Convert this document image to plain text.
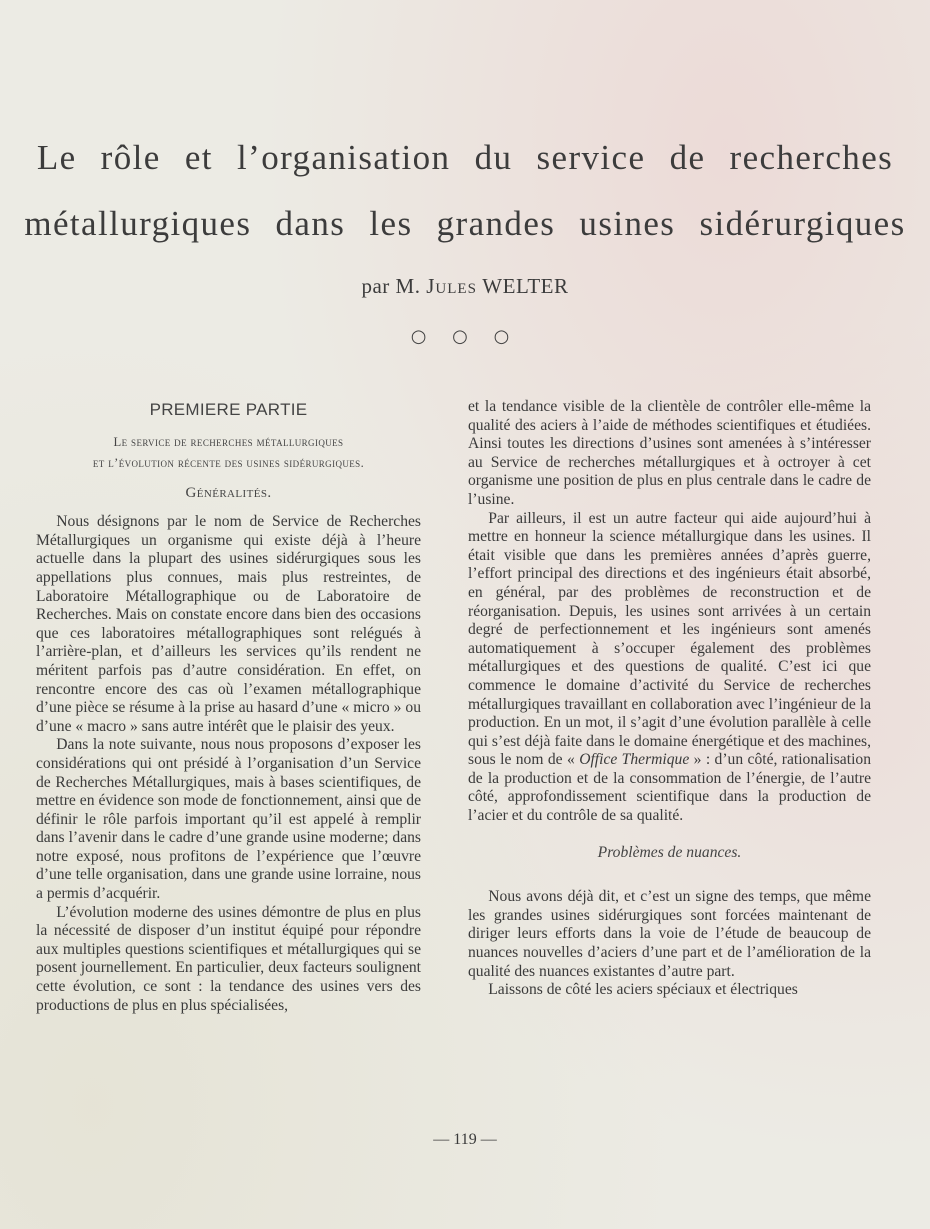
Le rôle et l’organisation du service de recherches
métallurgiques dans les grandes usines sidérurgiques
par M. Jules WELTER
○ ○ ○
PREMIERE PARTIE
Le service de recherches métallurgiques
et l’évolution récente des usines sidérurgiques.
Généralités.

Nous désignons par le nom de Service de Recherches Métallurgiques un organisme qui existe déjà à l’heure actuelle dans la plupart des usines sidérurgiques sous les appellations plus connues, mais plus restreintes, de Laboratoire Métallographique ou de Laboratoire de Recherches. Mais on constate encore dans bien des occasions que ces laboratoires métallographiques sont relégués à l’arrière-plan, et d’ailleurs les services qu’ils rendent ne méritent parfois pas d’autre considération. En effet, on rencontre encore des cas où l’examen métallographique d’une pièce se résume à la prise au hasard d’une « micro » ou d’une « macro » sans autre intérêt que le plaisir des yeux.

Dans la note suivante, nous nous proposons d’exposer les considérations qui ont présidé à l’organisation d’un Service de Recherches Métallurgiques, mais à bases scientifiques, de mettre en évidence son mode de fonctionnement, ainsi que de définir le rôle parfois important qu’il est appelé à remplir dans l’avenir dans le cadre d’une grande usine moderne; dans notre exposé, nous profitons de l’expérience que l’œuvre d’une telle organisation, dans une grande usine lorraine, nous a permis d’acquérir.

L’évolution moderne des usines démontre de plus en plus la nécessité de disposer d’un institut équipé pour répondre aux multiples questions scientifiques et métallurgiques qui se posent journellement. En particulier, deux facteurs soulignent cette évolution, ce sont : la tendance des usines vers des productions de plus en plus spécialisées,

et la tendance visible de la clientèle de contrôler elle-même la qualité des aciers à l’aide de méthodes scientifiques et étudiées. Ainsi toutes les directions d’usines sont amenées à s’intéresser au Service de recherches métallurgiques et à octroyer à cet organisme une position de plus en plus centrale dans le cadre de l’usine.

Par ailleurs, il est un autre facteur qui aide aujourd’hui à mettre en honneur la science métallurgique dans les usines. Il était visible que dans les premières années d’après guerre, l’effort principal des directions et des ingénieurs était absorbé, en général, par des problèmes de reconstruction et de réorganisation. Depuis, les usines sont arrivées à un certain degré de perfectionnement et les ingénieurs sont amenés automatiquement à s’occuper également des problèmes métallurgiques et des questions de qualité. C’est ici que commence le domaine d’activité du Service de recherches métallurgiques travaillant en collaboration avec l’ingénieur de la production. En un mot, il s’agit d’une évolution parallèle à celle qui s’est déjà faite dans le domaine énergétique et des machines, sous le nom de « Office Thermique » : d’un côté, rationalisation de la production et de la consommation de l’énergie, de l’autre côté, approfondissement scientifique dans la production de l’acier et du contrôle de sa qualité.

Problèmes de nuances.

Nous avons déjà dit, et c’est un signe des temps, que même les grandes usines sidérurgiques sont forcées maintenant de diriger leurs efforts dans la voie de l’étude de beaucoup de nuances nouvelles d’aciers d’une part et de l’amélioration de la qualité des nuances existantes d’autre part.

Laissons de côté les aciers spéciaux et électriques

— 119 —
